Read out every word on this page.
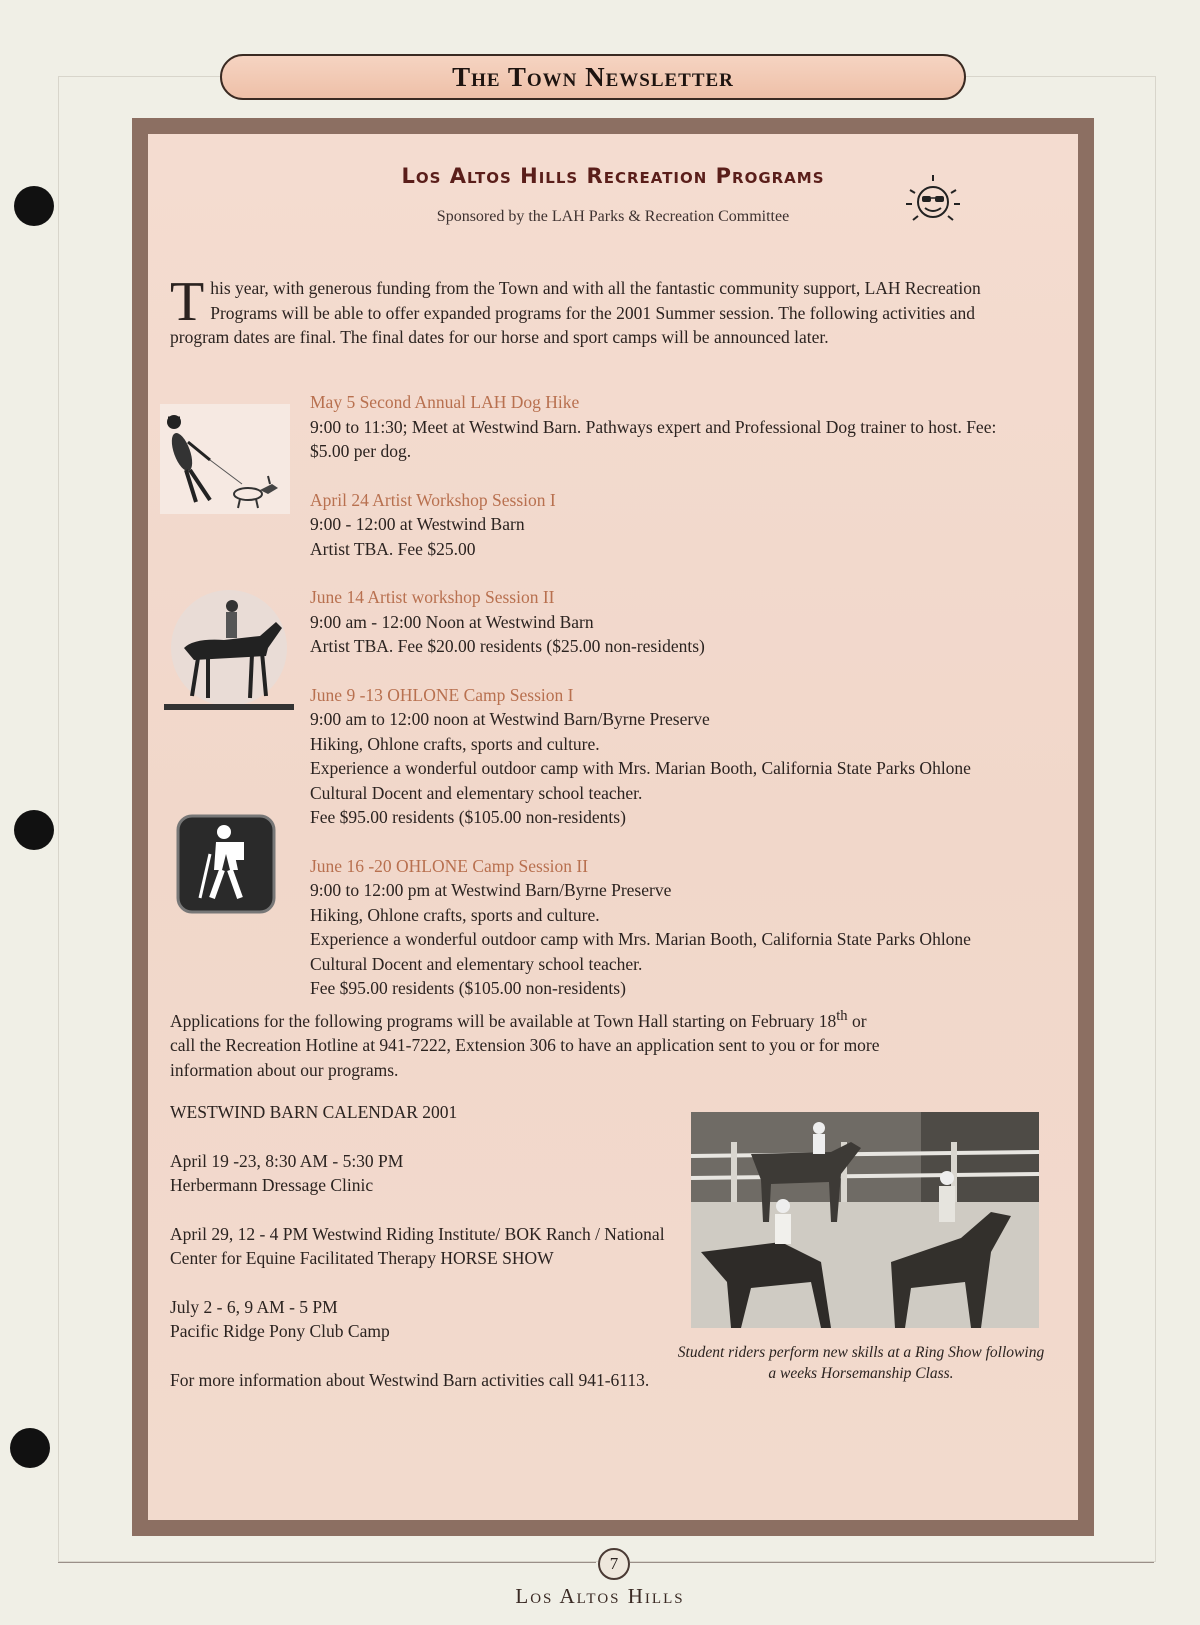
The Town Newsletter
Los Altos Hills Recreation Programs
Sponsored by the LAH Parks & Recreation Committee
T his year, with generous funding from the Town and with all the fantastic community support, LAH Recreation Programs will be able to offer expanded programs for the 2001 Summer session. The following activities and program dates are final. The final dates for our horse and sport camps will be announced later.
May 5 Second Annual LAH Dog Hike
9:00 to 11:30; Meet at Westwind Barn. Pathways expert and Professional Dog trainer to host. Fee: $5.00 per dog.
April 24 Artist Workshop Session I
9:00 - 12:00 at Westwind Barn
Artist TBA. Fee $25.00
June 14 Artist workshop Session II
9:00 am - 12:00 Noon at Westwind Barn
Artist TBA. Fee $20.00 residents ($25.00 non-residents)
June 9 -13 OHLONE Camp Session I
9:00 am to 12:00 noon at Westwind Barn/Byrne Preserve
Hiking, Ohlone crafts, sports and culture.
Experience a wonderful outdoor camp with Mrs. Marian Booth, California State Parks Ohlone Cultural Docent and elementary school teacher.
Fee $95.00 residents ($105.00 non-residents)
June 16 -20 OHLONE Camp Session II
9:00 to 12:00 pm at Westwind Barn/Byrne Preserve
Hiking, Ohlone crafts, sports and culture.
Experience a wonderful outdoor camp with Mrs. Marian Booth, California State Parks Ohlone Cultural Docent and elementary school teacher.
Fee $95.00 residents ($105.00 non-residents)
Applications for the following programs will be available at Town Hall starting on February 18th or call the Recreation Hotline at 941-7222, Extension 306 to have an application sent to you or for more information about our programs.
WESTWIND BARN CALENDAR 2001
April 19 -23, 8:30 AM - 5:30 PM
Herbermann Dressage Clinic
April 29, 12 - 4 PM Westwind Riding Institute/ BOK Ranch / National Center for Equine Facilitated Therapy HORSE SHOW
July 2 - 6, 9 AM - 5 PM
Pacific Ridge Pony Club Camp
For more information about Westwind Barn activities call 941-6113.
Student riders perform new skills at a Ring Show following a weeks Horsemanship Class.
7
Los Altos Hills
